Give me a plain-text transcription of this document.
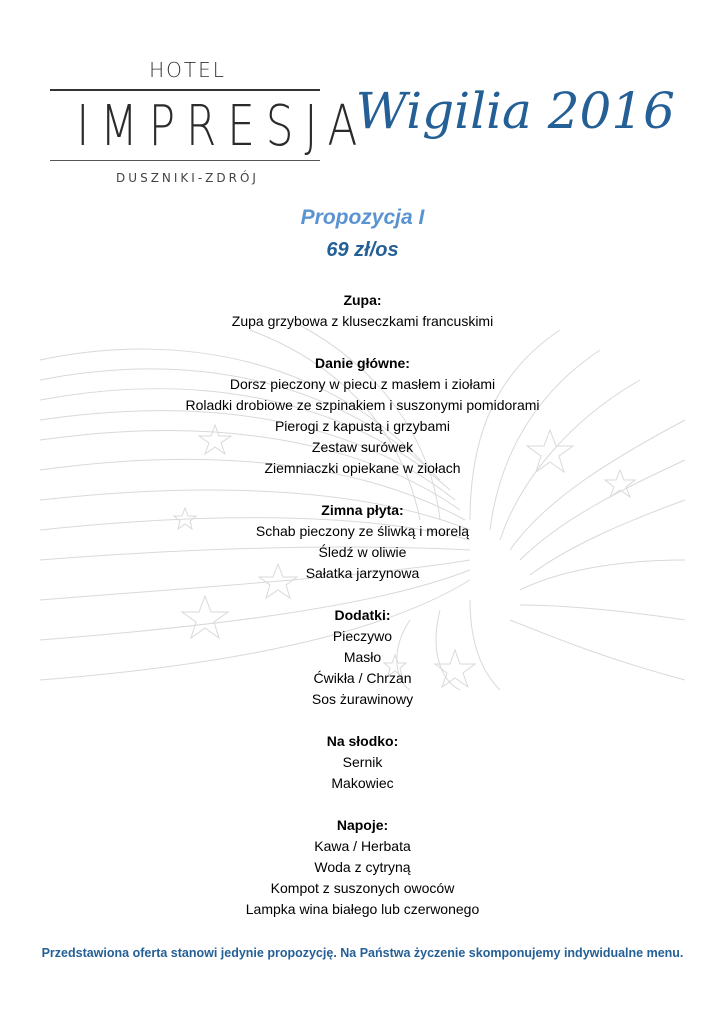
HOTEL
IMPRESJA
DUSZNIKI-ZDRÓJ
Wigilia 2016
Propozycja I
69 zł/os
Zupa:
Zupa grzybowa z kluseczkami francuskimi
Danie główne:
Dorsz pieczony w piecu z masłem i ziołami
Roladki drobiowe ze szpinakiem i suszonymi pomidorami
Pierogi z kapustą i grzybami
Zestaw surówek
Ziemniaczki opiekane w ziołach
Zimna płyta:
Schab pieczony ze śliwką i morelą
Śledź w oliwie
Sałatka jarzynowa
Dodatki:
Pieczywo
Masło
Ćwikła / Chrzan
Sos żurawinowy
Na słodko:
Sernik
Makowiec
Napoje:
Kawa / Herbata
Woda z cytryną
Kompot z suszonych owoców
Lampka wina białego lub czerwonego
Przedstawiona oferta stanowi jedynie propozycję. Na Państwa życzenie skomponujemy indywidualne menu.
